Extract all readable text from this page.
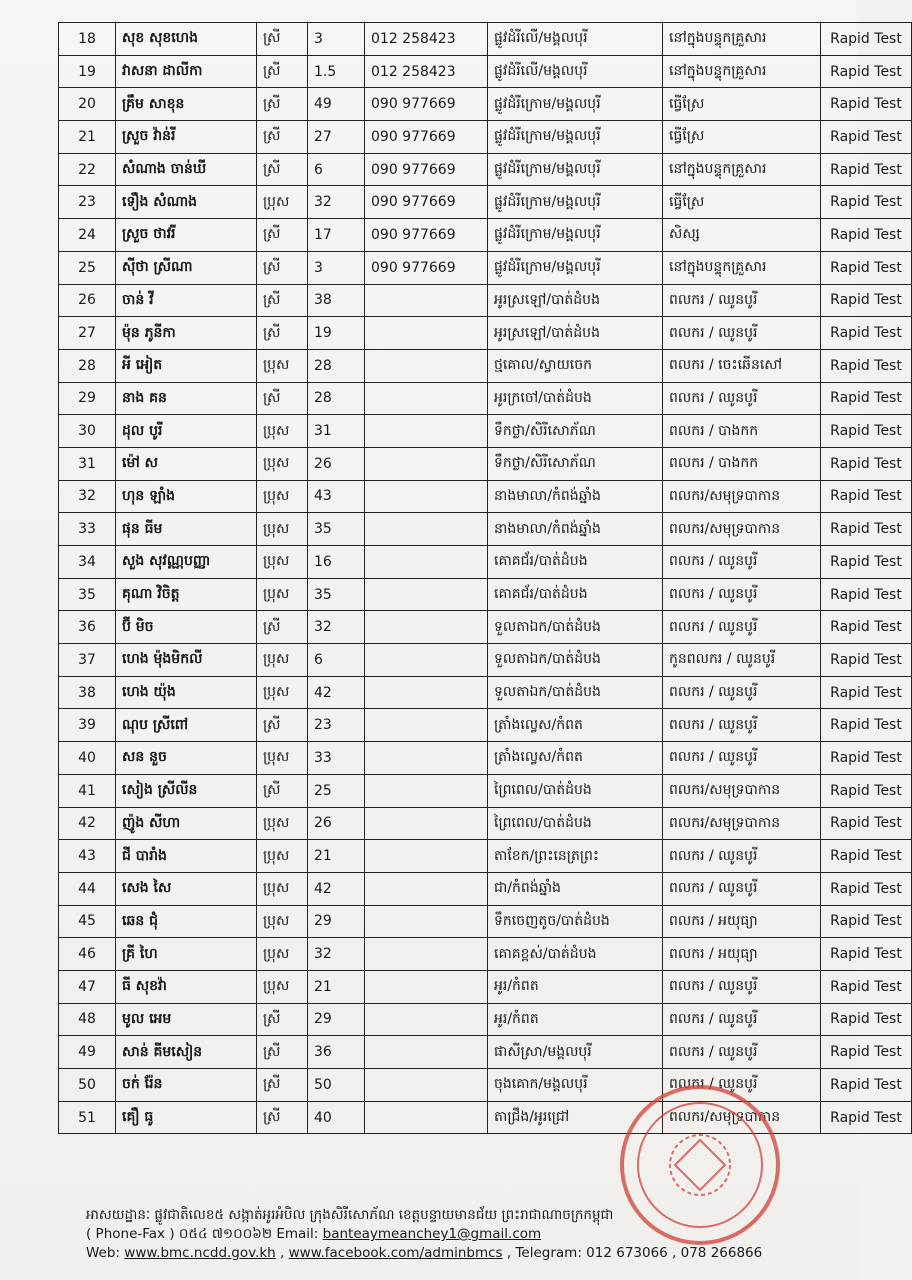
18	សុខ សុខហេង	ស្រី	3	012 258423	ផ្លូវដំរីលើ/មង្គលបុរី	នៅក្នុងបន្ទុកគ្រួសារ	Rapid Test
19	វាសនា ដាលីកា	ស្រី	1.5	012 258423	ផ្លូវដំរីលើ/មង្គលបុរី	នៅក្នុងបន្ទុកគ្រួសារ	Rapid Test
20	គ្រឹម សាខុន	ស្រី	49	090 977669	ផ្លូវដំរីក្រោម/មង្គលបុរី	ធ្វើស្រែ	Rapid Test
21	ស្រួច វ៉ាន់រី	ស្រី	27	090 977669	ផ្លូវដំរីក្រោម/មង្គលបុរី	ធ្វើស្រែ	Rapid Test
22	សំណាង ចាន់ឃី	ស្រី	6	090 977669	ផ្លូវដំរីក្រោម/មង្គលបុរី	នៅក្នុងបន្ទុកគ្រួសារ	Rapid Test
23	ទឿង សំណាង	ប្រុស	32	090 977669	ផ្លូវដំរីក្រោម/មង្គលបុរី	ធ្វើស្រែ	Rapid Test
24	ស្រួច ថាវរី	ស្រី	17	090 977669	ផ្លូវដំរីក្រោម/មង្គលបុរី	សិស្ស	Rapid Test
25	ស៊ីថា ស្រីណា	ស្រី	3	090 977669	ផ្លូវដំរីក្រោម/មង្គលបុរី	នៅក្នុងបន្ទុកគ្រួសារ	Rapid Test
26	ចាន់ វី	ស្រី	38		អូរស្រឡៅ/បាត់ដំបង	ពលករ / ឈូនបូរី	Rapid Test
27	ម៉ុន ភូនីកា	ស្រី	19		អូរស្រឡៅ/បាត់ដំបង	ពលករ / ឈូនបូរី	Rapid Test
28	អី អៀត	ប្រុស	28		ថ្មគោល/ស្វាយចេក	ពលករ / ចេះឆើនសៅ	Rapid Test
29	នាង គន	ស្រី	28		អូរក្រចៅ/បាត់ដំបង	ពលករ / ឈូនបូរី	Rapid Test
30	ដុល បូរី	ប្រុស	31		ទឹកថ្លា/សិរីសោភ័ណ	ពលករ / បាងកក	Rapid Test
31	ម៉ៅ ស	ប្រុស	26		ទឹកថ្លា/សិរីសោភ័ណ	ពលករ / បាងកក	Rapid Test
32	ហុន ឡាំង	ប្រុស	43		នាងមាលា/កំពង់ឆ្នាំង	ពលករ/សមុទ្របាកាន	Rapid Test
33	ផុន ធីម	ប្រុស	35		នាងមាលា/កំពង់ឆ្នាំង	ពលករ/សមុទ្របាកាន	Rapid Test
34	សួង សុវណ្ណបញ្ញា	ប្រុស	16		គោគជ័រ/បាត់ដំបង	ពលករ / ឈូនបូរី	Rapid Test
35	គុណា វិចិត្ត	ប្រុស	35		គោគជ័រ/បាត់ដំបង	ពលករ / ឈូនបូរី	Rapid Test
36	ប៊ី មិច	ស្រី	32		ទួលតាឯក/បាត់ដំបង	ពលករ / ឈូនបូរី	Rapid Test
37	ហេង ម៉ុងមិកលី	ប្រុស	6		ទួលតាឯក/បាត់ដំបង	កូនពលករ / ឈូនបូរី	Rapid Test
38	ហេង យ៉ុង	ប្រុស	42		ទួលតាឯក/បាត់ដំបង	ពលករ / ឈូនបូរី	Rapid Test
39	ណុប ស្រីពៅ	ស្រី	23		ត្រាំងល្វេស/កំពត	ពលករ / ឈូនបូរី	Rapid Test
40	សន នួច	ប្រុស	33		ត្រាំងល្វេស/កំពត	ពលករ / ឈូនបូរី	Rapid Test
41	សៀង ស្រីលីន	ស្រី	25		ព្រៃពេល/បាត់ដំបង	ពលករ/សមុទ្របាកាន	Rapid Test
42	ញ៉ូង សីហា	ប្រុស	26		ព្រៃពេល/បាត់ដំបង	ពលករ/សមុទ្របាកាន	Rapid Test
43	ជី បារាំង	ប្រុស	21		តាខែក/ព្រះនេត្រព្រះ	ពលករ / ឈូនបូរី	Rapid Test
44	សេង សៃ	ប្រុស	42		ជា/កំពង់ឆ្នាំង	ពលករ / ឈូនបូរី	Rapid Test
45	ឆេន ជុំ	ប្រុស	29		ទឹកចេញតូច/បាត់ដំបង	ពលករ / អយុធ្យា	Rapid Test
46	គ្រី ហៃ	ប្រុស	32		គោគខ្ពស់/បាត់ដំបង	ពលករ / អយុធ្យា	Rapid Test
47	ធី សុខវ៉ា	ប្រុស	21		អូរ/កំពត	ពលករ / ឈូនបូរី	Rapid Test
48	មូល អេម	ស្រី	29		អូរ/កំពត	ពលករ / ឈូនបូរី	Rapid Test
49	សាន់ គីមសៀន	ស្រី	36		ផាសីស្រា/មង្គលបុរី	ពលករ / ឈូនបូរី	Rapid Test
50	ចក់ រ៉ែន	ស្រី	50		ចុងគោក/មង្គលបុរី	ពលករ / ឈូនបូរី	Rapid Test
51	គឿ ធូ	ស្រី	40		តាជ្រឹង/អូរជ្រៅ	ពលករ/សមុទ្របាកាន	Rapid Test
អាសយដ្ឋានៈ ផ្លូវជាតិលេខ៥ សង្កាត់អូរអំបិល ក្រុងសិរីសោភ័ណ ខេត្តបន្ទាយមានជ័យ ព្រះរាជាណាចក្រកម្ពុជា
( Phone-Fax ) ០៥៤ ៧១០០៦២ Email: banteaymeanchey1@gmail.com
Web: www.bmc.ncdd.gov.kh , www.facebook.com/adminbmcs , Telegram: 012 673066 , 078 266866
